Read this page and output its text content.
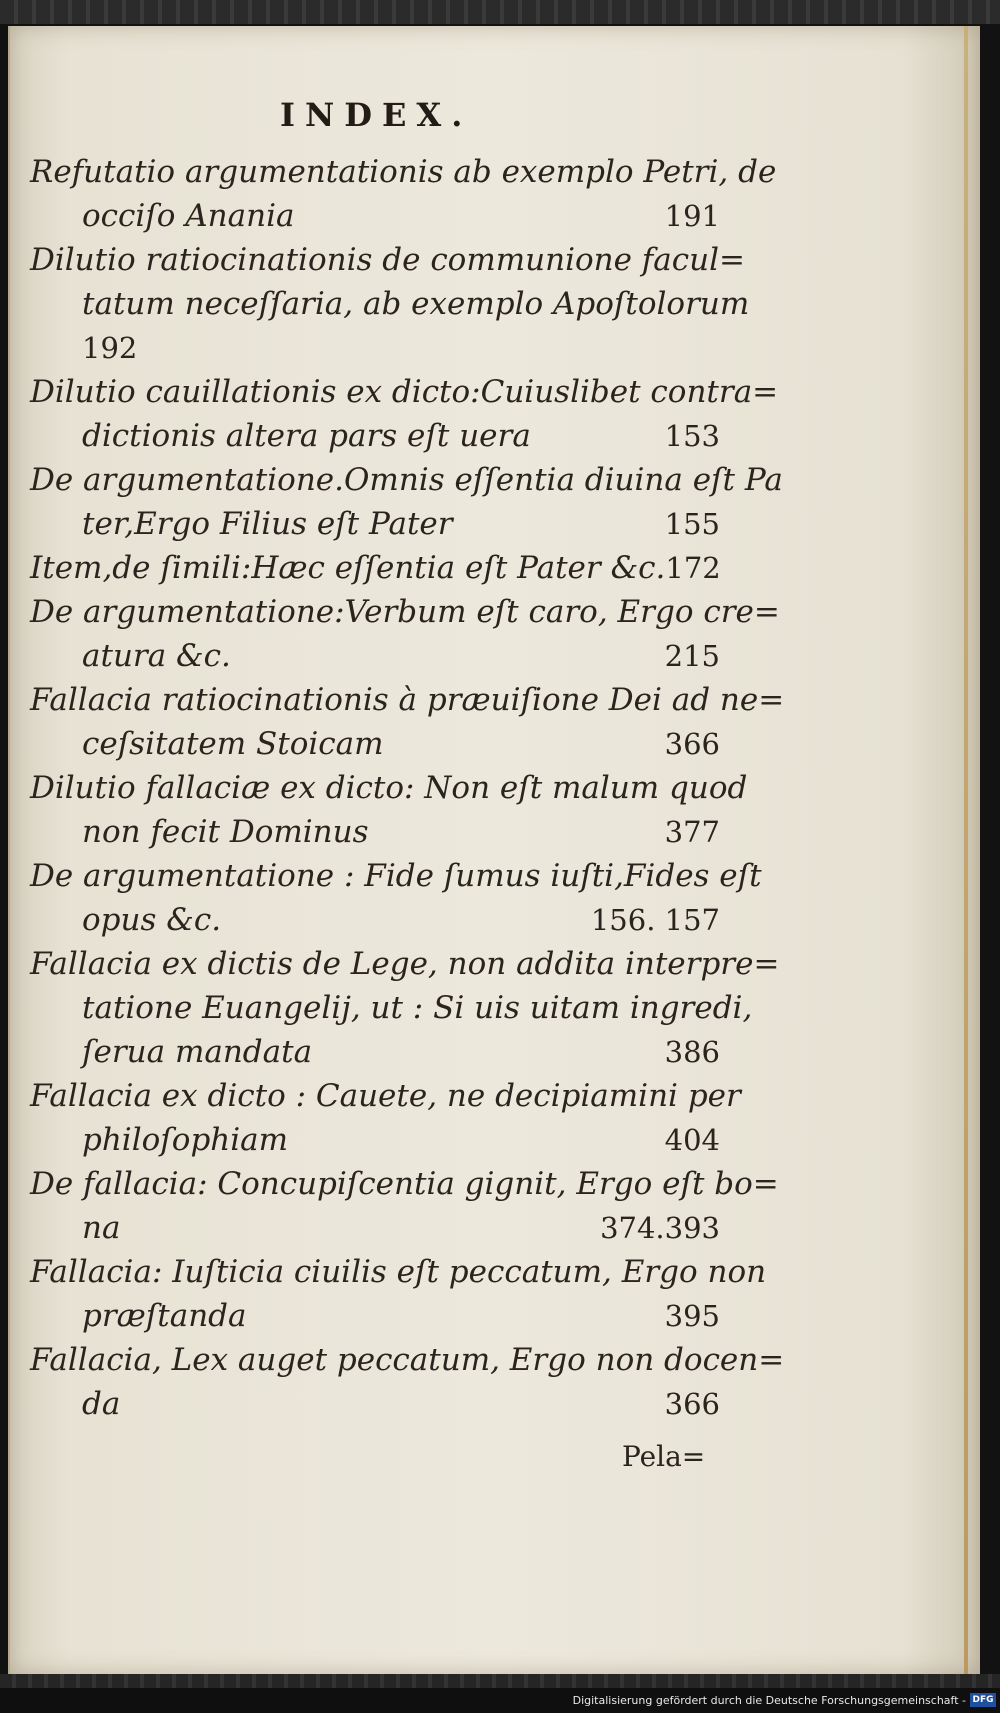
INDEX.
Refutatio argumentationis ab exemplo Petri, de
occiſo Anania	191
Dilutio ratiocinationis de communione facul=
tatum neceſſaria, ab exemplo Apoſtolorum
192
Dilutio cauillationis ex dicto:Cuiuslibet contra=
dictionis altera pars eſt uera	153
De argumentatione.Omnis eſſentia diuina eſt Pa
ter,Ergo Filius eſt Pater	155
Item,de ſimili:Hæc eſſentia eſt Pater &c. 172
De argumentatione:Verbum eſt caro, Ergo cre=
atura &c.	215
Fallacia ratiocinationis à præuiſione Dei ad ne=
ceſsitatem Stoicam	366
Dilutio fallaciæ ex dicto: Non eſt malum quod
non fecit Dominus	377
De argumentatione : Fide ſumus iuſti,Fides eſt
opus &c.	156. 157
Fallacia ex dictis de Lege, non addita interpre=
tatione Euangelij, ut : Si uis uitam ingredi,
ſerua mandata	386
Fallacia ex dicto : Cauete, ne decipiamini per
philoſophiam	404
De fallacia: Concupiſcentia gignit, Ergo eſt bo=
na	374.393
Fallacia: Iuſticia ciuilis eſt peccatum, Ergo non
præſtanda	395
Fallacia, Lex auget peccatum, Ergo non docen=
da	366
Pela=
Digitalisierung gefördert durch die Deutsche Forschungsgemeinschaft - DFG
